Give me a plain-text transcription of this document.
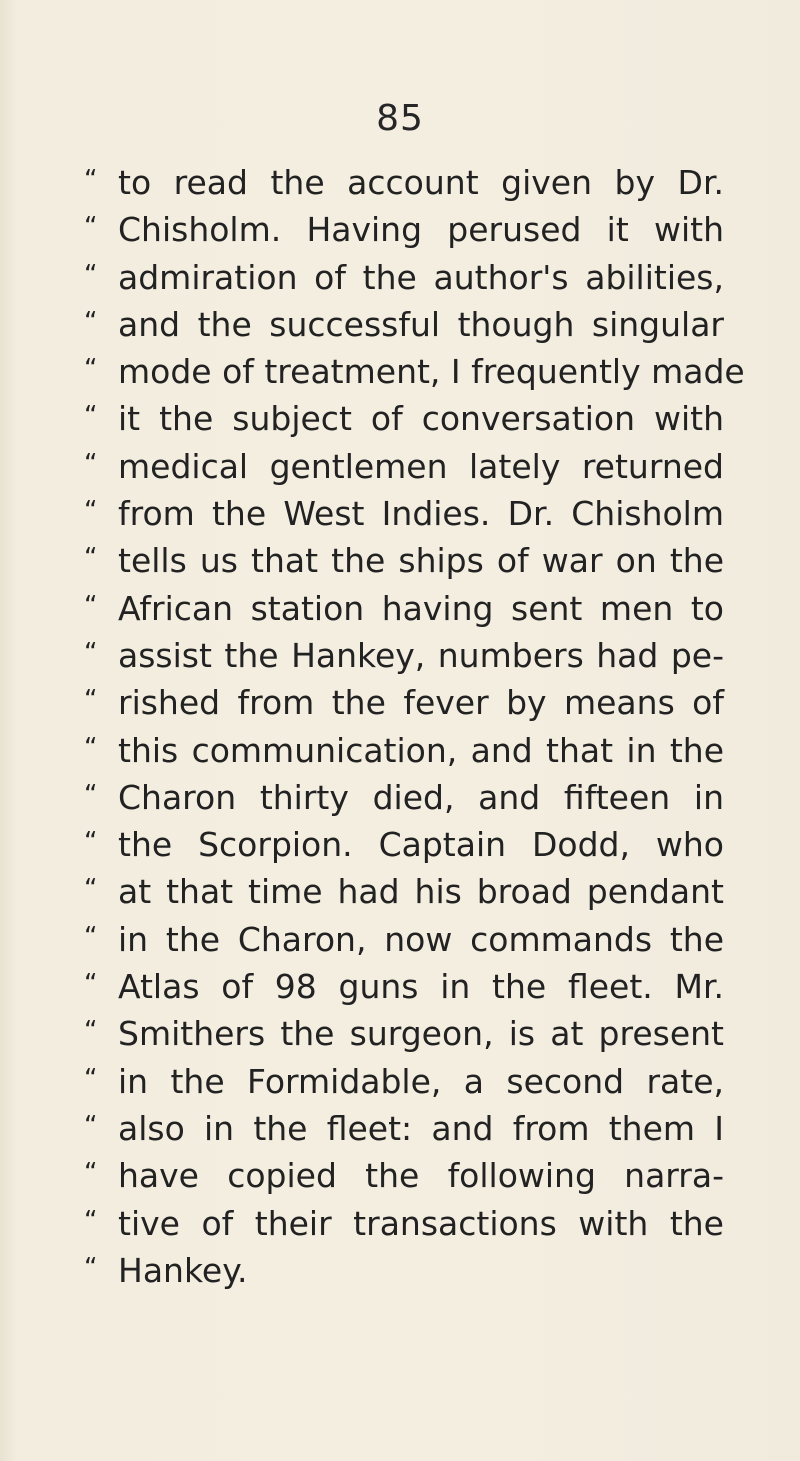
85
“ to read the account given by Dr.
“ Chisholm. Having perused it with
“ admiration of the author's abilities,
“ and the successful though singular
“ mode of treatment, I frequently made
“ it the subject of conversation with
“ medical gentlemen lately returned
“ from the West Indies. Dr. Chisholm
“ tells us that the ships of war on the
“ African station having sent men to
“ assist the Hankey, numbers had pe-
“ rished from the fever by means of
“ this communication, and that in the
“ Charon thirty died, and fifteen in
“ the Scorpion. Captain Dodd, who
“ at that time had his broad pendant
“ in the Charon, now commands the
“ Atlas of 98 guns in the fleet. Mr.
“ Smithers the surgeon, is at present
“ in the Formidable, a second rate,
“ also in the fleet: and from them I
“ have copied the following narra-
“ tive of their transactions with the
“ Hankey.
